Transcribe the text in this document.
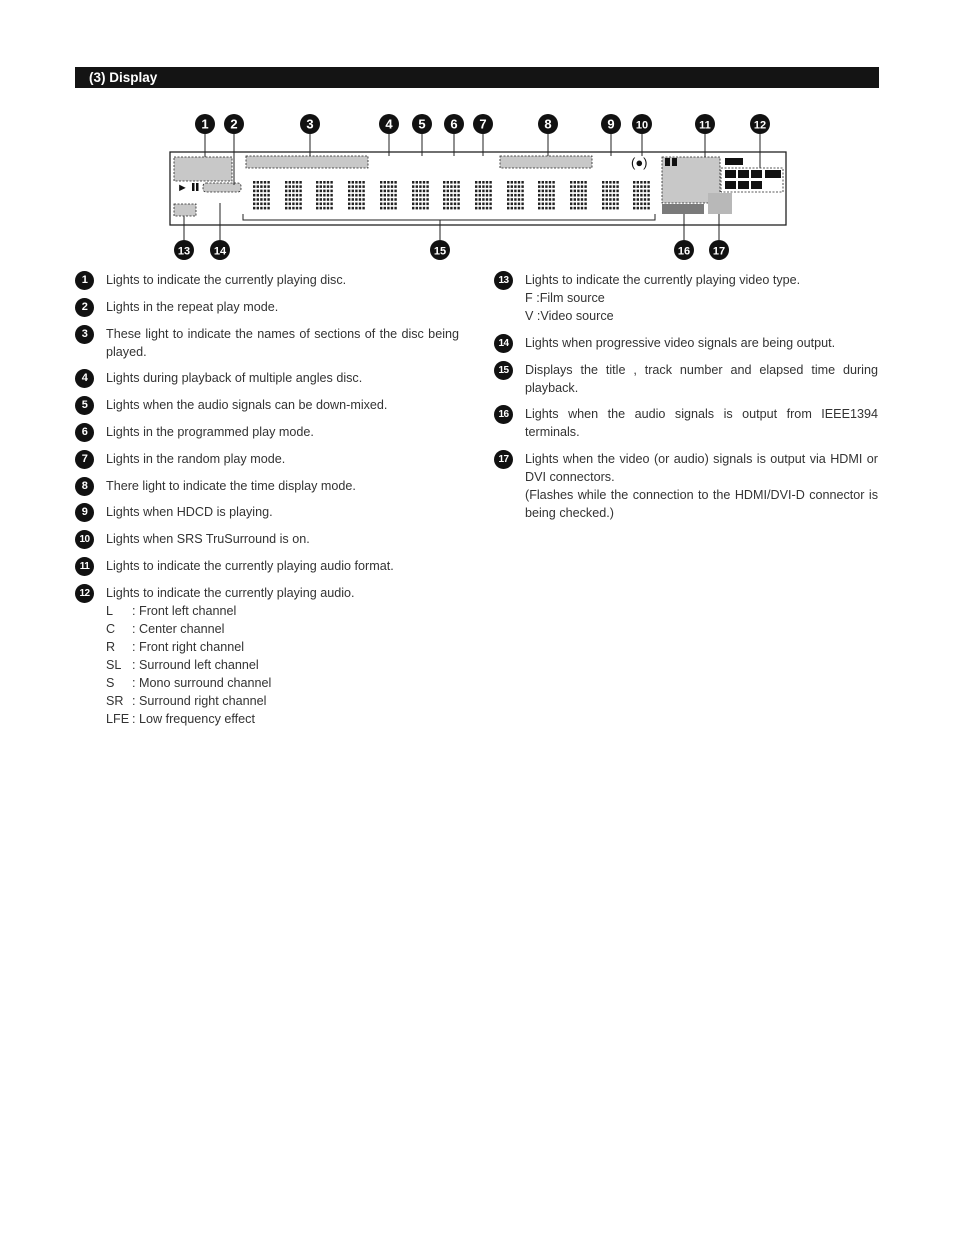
(3) Display
(●)
►
1 2	3	4 5 6 7	8	9 10	11	12
13 14	15	16 17
1	Lights to indicate the currently playing disc.
2	Lights in the repeat play mode.
3	These light to indicate the names of sections of the disc being played.
4	Lights during playback of multiple angles disc.
5	Lights when the audio signals can be down-mixed.
6	Lights in the programmed play mode.
7	Lights in the random play mode.
8	There light to indicate the time display mode.
9	Lights when HDCD is playing.
10	Lights when SRS TruSurround is on.
11	Lights to indicate the currently playing audio format.
12	Lights to indicate the currently playing audio.
L	: Front left channel
C	: Center channel
R	: Front right channel
SL : Surround left channel
S	: Mono surround channel
SR : Surround right channel
LFE : Low frequency effect
13	Lights to indicate the currently playing video type.
F :Film source
V :Video source
14	Lights when progressive video signals are being output.
15	Displays the title , track number and elapsed time during playback.
16	Lights when the audio signals is output from IEEE1394 terminals.
17	Lights when the video (or audio) signals is output via HDMI or DVI connectors.
(Flashes while the connection to the HDMI/DVI-D connector is being checked.)
